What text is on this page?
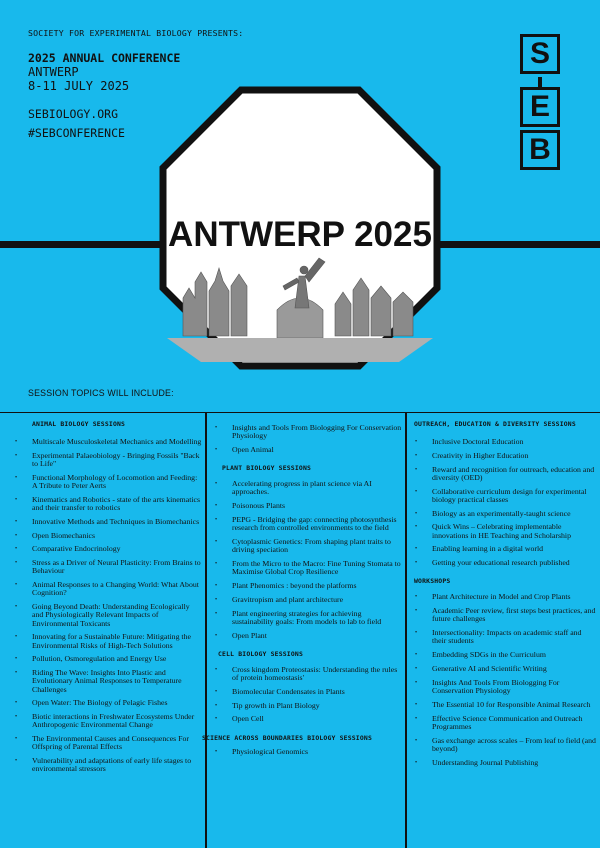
SOCIETY FOR EXPERIMENTAL BIOLOGY PRESENTS:
2025 ANNUAL CONFERENCE
ANTWERP
8-11 JULY 2025
SEBIOLOGY.ORG
#SEBCONFERENCE
S
E
B
ANTWERP 2025
SESSION TOPICS WILL INCLUDE:
ANIMAL BIOLOGY SESSIONS
• Multiscale Musculoskeletal Mechanics and Modelling
• Experimental Palaeobiology - Bringing Fossils "Back to Life"
• Functional Morphology of Locomotion and Feeding: A Tribute to Peter Aerts
• Kinematics and Robotics - state of the arts kinematics and their transfer to robotics
• Innovative Methods and Techniques in Biomechanics
• Open Biomechanics
• Comparative Endocrinology
• Stress as a Driver of Neural Plasticity: From Brains to Behaviour
• Animal Responses to a Changing World: What About Cognition?
• Going Beyond Death: Understanding Ecologically and Physiologically Relevant Impacts of Environmental Toxicants
• Innovating for a Sustainable Future: Mitigating the Environmental Risks of High-Tech Solutions
• Pollution, Osmoregulation and Energy Use
• Riding The Wave: Insights Into Plastic and Evolutionary Animal Responses to Temperature Challenges
• Open Water: The Biology of Pelagic Fishes
• Biotic interactions in Freshwater Ecosystems Under Anthropogenic Environmental Change
• The Environmental Causes and Consequences For Offspring of Parental Effects
• Vulnerability and adaptations of early life stages to environmental stressors
• Insights and Tools From Biologging For Conservation Physiology
• Open Animal
PLANT BIOLOGY SESSIONS
• Accelerating progress in plant science via AI approaches.
• Poisonous Plants
• PEPG - Bridging the gap: connecting photosynthesis research from controlled environments to the field
• Cytoplasmic Genetics: From shaping plant traits to driving speciation
• From the Micro to the Macro: Fine Tuning Stomata to Maximise Global Crop Resilience
• Plant Phenomics : beyond the platforms
• Gravitropism and plant architecture
• Plant engineering strategies for achieving sustainability goals: From models to lab to field
• Open Plant
CELL BIOLOGY SESSIONS
• Cross kingdom Proteostasis: Understanding the rules of protein homeostasis'
• Biomolecular Condensates in Plants
• Tip growth in Plant Biology
• Open Cell
SCIENCE ACROSS BOUNDARIES BIOLOGY SESSIONS
• Physiological Genomics
OUTREACH, EDUCATION & DIVERSITY SESSIONS
• Inclusive Doctoral Education
• Creativity in Higher Education
• Reward and recognition for outreach, education and diversity (OED)
• Collaborative curriculum design for experimental biology practical classes
• Biology as an experimentally-taught science
• Quick Wins – Celebrating implementable innovations in HE Teaching and Scholarship
• Enabling learning in a digital world
• Getting your educational research published
WORKSHOPS
• Plant Architecture in Model and Crop Plants
• Academic Peer review, first steps best practices, and future challenges
• Intersectionality: Impacts on academic staff and their students
• Embedding SDGs in the Curriculum
• Generative AI and Scientific Writing
• Insights And Tools From Biologging For Conservation Physiology
• The Essential 10 for Responsible Animal Research
• Effective Science Communication and Outreach Programmes
• Gas exchange across scales – From leaf to field (and beyond)
• Understanding Journal Publishing
